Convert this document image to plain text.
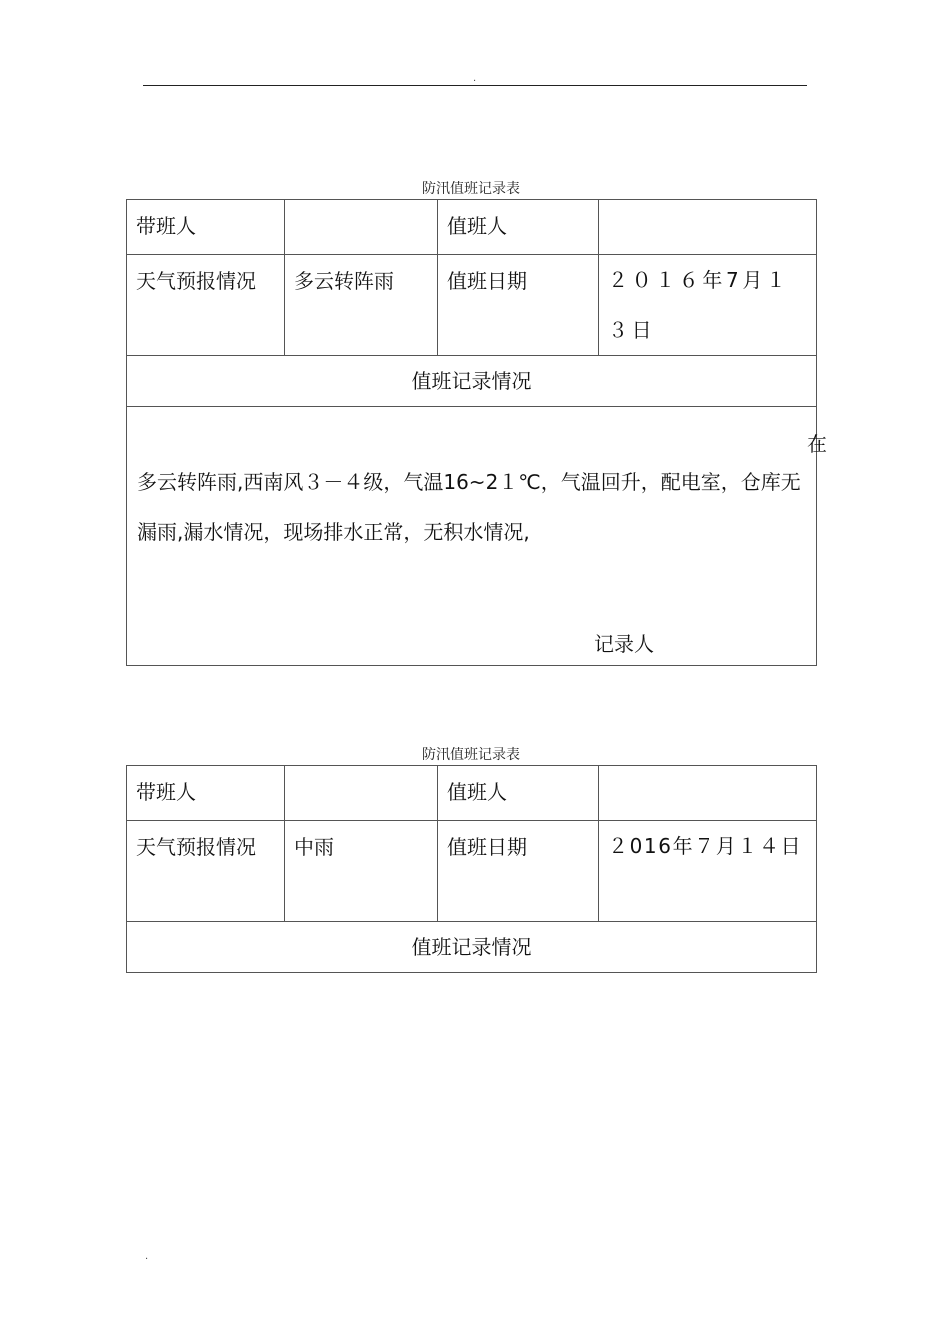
.
防汛值班记录表
带班人		值班人	
天气预报情况	多云转阵雨	值班日期	２０１６年7月１３日
值班记录情况			

在
多云转阵雨,西南风３－４级，气温16~2１℃，气温回升，配电室，仓库无漏雨,漏水情况，现场排水正常，无积水情况,
记录人			
防汛值班记录表
带班人		值班人	
天气预报情况	中雨	值班日期	２016年７月１４日
值班记录情况			
.
